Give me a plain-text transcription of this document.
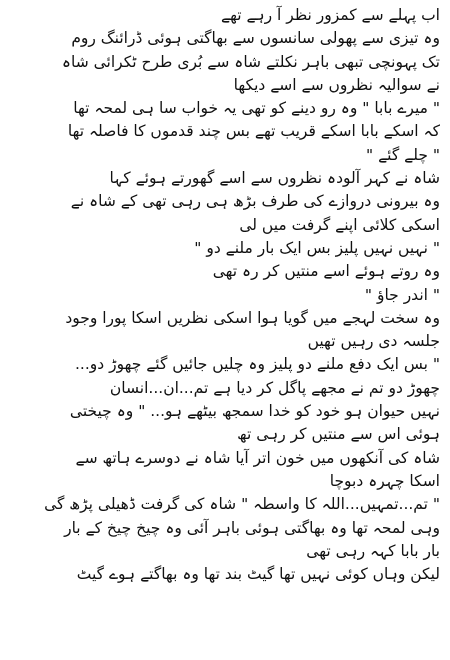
اب پہلے سے کمزور نظر آ رہے تھے
وہ تیزی سے پھولی سانسوں سے بھاگتی ہوئی ڈرائنگ روم
تک پہونچی تبھی باہر نکلتے شاہ سے بُری طرح ٹکرائی شاہ
نے سوالیہ نظروں سے اسے دیکھا
" میرے بابا " وہ رو دینے کو تھی یہ خواب سا ہی لمحہ تھا
کہ اسکے بابا اسکے قریب تھے بس چند قدموں کا فاصلہ تھا
" چلے گئے "
شاہ نے کہر آلودہ نظروں سے اسے گھورتے ہوئے کہا
وہ بیرونی دروازے کی طرف بڑھ ہی رہی تھی کے شاہ نے
اسکی کلائی اپنے گرفت میں لی
" نہیں نہیں پلیز بس ایک بار ملنے دو "
وہ روتے ہوئے اسے منتیں کر رہ تھی
" اندر جاؤ "
وہ سخت لہجے میں گویا ہوا اسکی نظریں اسکا پورا وجود
جلسہ دی رہیں تھیں
" بس ایک دفع ملنے دو پلیز وہ چلیں جائیں گئے چھوڑ دو...
چھوڑ دو تم نے مجھے پاگل کر دیا ہے تم...ان...انسان
نہیں حیوان ہو خود کو خدا سمجھ بیٹھے ہو... " وہ چیختی
ہوئی اس سے منتیں کر رہی تھ
شاہ کی آنکھوں میں خون اتر آیا شاہ نے دوسرے ہاتھ سے
اسکا چہرہ دبوچا
" تم...تمہیں...اللہ کا واسطہ " شاہ کی گرفت ڈھیلی پڑھ گی
وہی لمحہ تھا وہ بھاگتی ہوئی باہر آئی وہ چیخ چیخ کے بار
بار بابا کہہ رہی تھی
لیکن وہاں کوئی نہیں تھا گیٹ بند تھا وہ بھاگتے ہوے گیٹ
